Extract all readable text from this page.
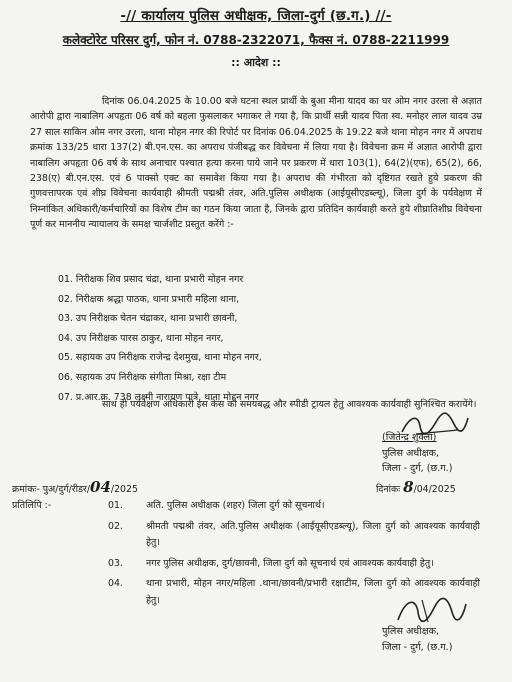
-// कार्यालय पुलिस अधीक्षक, जिला-दुर्ग (छ.ग.) //-
कलेक्टोरेट परिसर दुर्ग, फोन नं. 0788-2322071, फैक्स नं. 0788-2211999
:: आदेश ::
दिनांक 06.04.2025 के 10.00 बजे घटना स्थल प्रार्थी के बुआ मीना यादव का घर ओम नगर उरला से अज्ञात आरोपी द्वारा नाबालिग अपहृता 06 वर्ष को बहला फुसलाकर भगाकर ले गया है, कि प्रार्थी सन्नी यादव पिता स्व. मनोहर लाल यादव उम्र 27 साल साकिन ओम नगर उरला, थाना मोहन नगर की रिपोर्ट पर दिनांक 06.04.2025 के 19.22 बजे थाना मोहन नगर में अपराध क्रमांक 133/25 धारा 137(2) बी.एन.एस. का अपराध पंजीबद्ध कर विवेचना में लिया गया है। विवेचना क्रम में अज्ञात आरोपी द्वारा नाबालिग अपहृता 06 वर्ष के साथ अनाचार पश्चात हत्या करना पाये जाने पर प्रकरण में धारा 103(1), 64(2)(एफ), 65(2), 66, 238(ए) बी.एन.एस. एवं 6 पाक्सो एक्ट का समावेश किया गया है। अपराध की गंभीरता को दृष्टिगत रखते हुये प्रकरण की गुणवत्तापरक एवं शीघ्र विवेचना कार्यवाही श्रीमती पद्मश्री तंवर, अति.पुलिस अधीक्षक (आईयूसीएडब्ल्यू), जिला दुर्ग के पर्यवेक्षण में निम्नांकित अधिकारी/कर्मचारियों का विशेष टीम का गठन किया जाता है, जिनके द्वारा प्रतिदिन कार्यवाही करते हुये शीघ्रातिशीघ्र विवेचना पूर्ण कर माननीय न्यायालय के समक्ष चार्जशीट प्रस्तुत करेंगे :-
01. निरीक्षक शिव प्रसाद चंद्रा, थाना प्रभारी मोहन नगर
02. निरीक्षक श्रद्धा पाठक, थाना प्रभारी महिला थाना,
03. उप निरीक्षक चेतन चंद्राकर, थाना प्रभारी छावनी,
04. उप निरीक्षक पारस ठाकुर, थाना मोहन नगर,
05. सहायक उप निरीक्षक राजेन्द्र देशमुख, थाना मोहन नगर,
06. सहायक उप निरीक्षक संगीता मिश्रा, रक्षा टीम
07. प्र.आर.क्र. 738 लक्ष्मी नारायण पात्रे, थाना मोहन नगर
साथ ही पर्यवेक्षण अधिकारी इस केस को समयबद्ध और स्पीडी ट्रायल हेतु आवश्यक कार्यवाही सुनिश्चित करायेंगे।
(जितेन्द्र शुक्ला)
पुलिस अधीक्षक,
जिला - दुर्ग, (छ.ग.)
क्रमांकः- पुअ/दुर्ग/रीडर/04/2025	दिनांकः 8/04/2025
प्रतिलिपि :-	01.	अति. पुलिस अधीक्षक (शहर) जिला दुर्ग को सूचनार्थ।
02.	श्रीमती पद्मश्री तंवर, अति.पुलिस अधीक्षक (आईयूसीएडब्ल्यू), जिला दुर्ग को आवश्यक कार्यवाही हेतु।
03.	नगर पुलिस अधीक्षक, दुर्ग/छावनी, जिला दुर्ग को सूचनार्थ एवं आवश्यक कार्यवाही हेतु।
04.	थाना प्रभारी, मोहन नगर/महिला .थाना/छावनी/प्रभारी रक्षाटीम, जिला दुर्ग को आवश्यक कार्यवाही हेतु।
पुलिस अधीक्षक,
जिला - दुर्ग, (छ.ग.)
